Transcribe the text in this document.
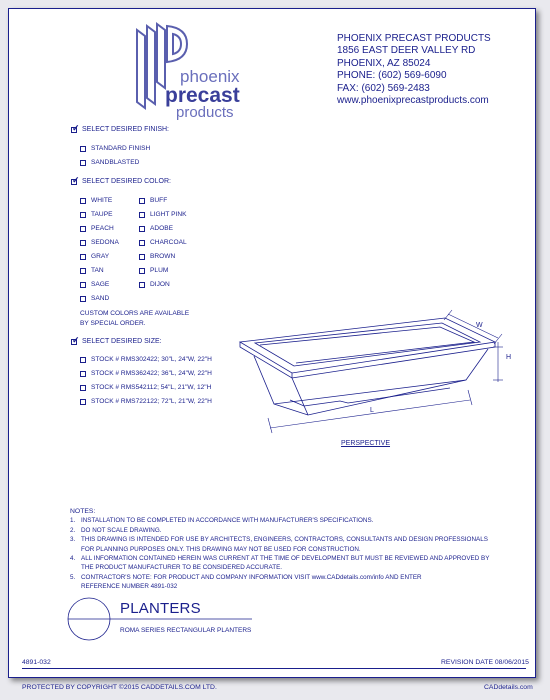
phoenix
precast
products
PHOENIX PRECAST PRODUCTS
1856 EAST DEER VALLEY RD
PHOENIX, AZ 85024
PHONE: (602) 569-6090
FAX: (602) 569-2483
www.phoenixprecastproducts.com
✓
SELECT DESIRED FINISH:
STANDARD FINISH
SANDBLASTED
✓
SELECT DESIRED COLOR:
WHITE
TAUPE
PEACH
SEDONA
GRAY
TAN
SAGE
SAND
BUFF
LIGHT PINK
ADOBE
CHARCOAL
BROWN
PLUM
DIJON
CUSTOM COLORS ARE AVAILABLE
BY SPECIAL ORDER.
✓
SELECT DESIRED SIZE:
STOCK # RMS302422; 30"L, 24"W, 22"H
STOCK # RMS362422; 36"L, 24"W, 22"H
STOCK # RMS542112; 54"L, 21"W, 12"H
STOCK # RMS722122; 72"L, 21"W, 22"H
W
H
L
PERSPECTIVE
NOTES:
1. INSTALLATION TO BE COMPLETED IN ACCORDANCE WITH MANUFACTURER'S SPECIFICATIONS.
2. DO NOT SCALE DRAWING.
3. THIS DRAWING IS INTENDED FOR USE BY ARCHITECTS, ENGINEERS, CONTRACTORS, CONSULTANTS AND DESIGN PROFESSIONALS
FOR PLANNING PURPOSES ONLY. THIS DRAWING MAY NOT BE USED FOR CONSTRUCTION.
4. ALL INFORMATION CONTAINED HEREIN WAS CURRENT AT THE TIME OF DEVELOPMENT BUT MUST BE REVIEWED AND APPROVED BY
THE PRODUCT MANUFACTURER TO BE CONSIDERED ACCURATE.
5. CONTRACTOR'S NOTE: FOR PRODUCT AND COMPANY INFORMATION VISIT www.CADdetails.com/info AND ENTER
REFERENCE NUMBER 4891-032
PLANTERS
ROMA SERIES RECTANGULAR PLANTERS
4891-032	REVISION DATE 08/06/2015
PROTECTED BY COPYRIGHT ©2015 CADDETAILS.COM LTD.	CADdetails.com
